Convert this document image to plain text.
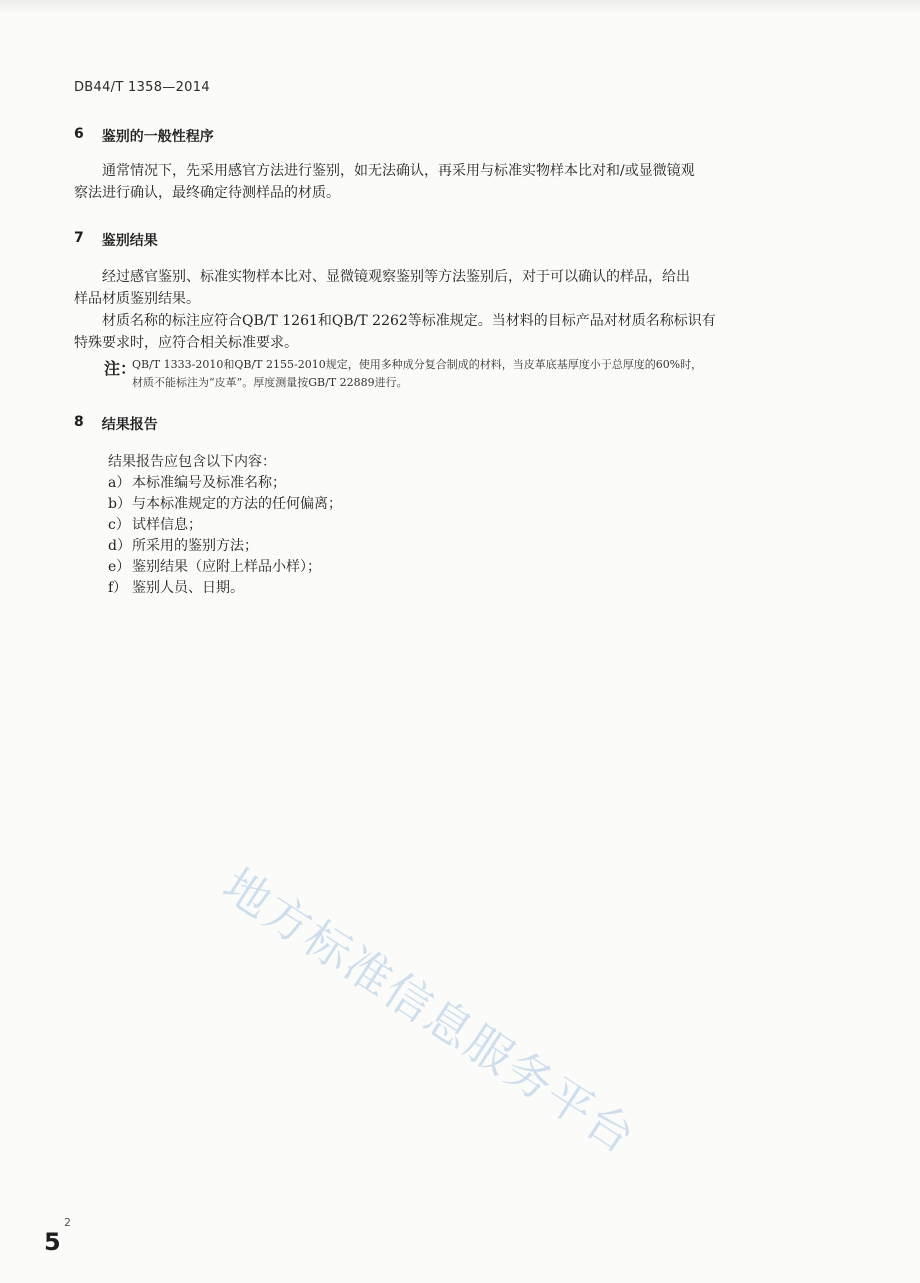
DB44/T 1358—2014
6 鉴别的一般性程序

通常情况下，先采用感官方法进行鉴别，如无法确认，再采用与标准实物样本比对和/或显微镜观

察法进行确认，最终确定待测样品的材质。

7 鉴别结果

经过感官鉴别、标准实物样本比对、显微镜观察鉴别等方法鉴别后，对于可以确认的样品，给出

样品材质鉴别结果。

材质名称的标注应符合QB/T 1261和QB/T 2262等标准规定。当材料的目标产品对材质名称标识有

特殊要求时，应符合相关标准要求。

注：

QB/T 1333-2010和QB/T 2155-2010规定，使用多种成分复合制成的材料，当皮革底基厚度小于总厚度的60%时，
材质不能标注为“皮革”。厚度测量按GB/T 22889进行。

8 结果报告
结果报告应包含以下内容：
a） 本标准编号及标准名称；
b） 与本标准规定的方法的任何偏离；
c） 试样信息；
d） 所采用的鉴别方法；
e） 鉴别结果（应附上样品小样）；
f） 鉴别人员、日期。
地方标准信息服务平台
5
2
